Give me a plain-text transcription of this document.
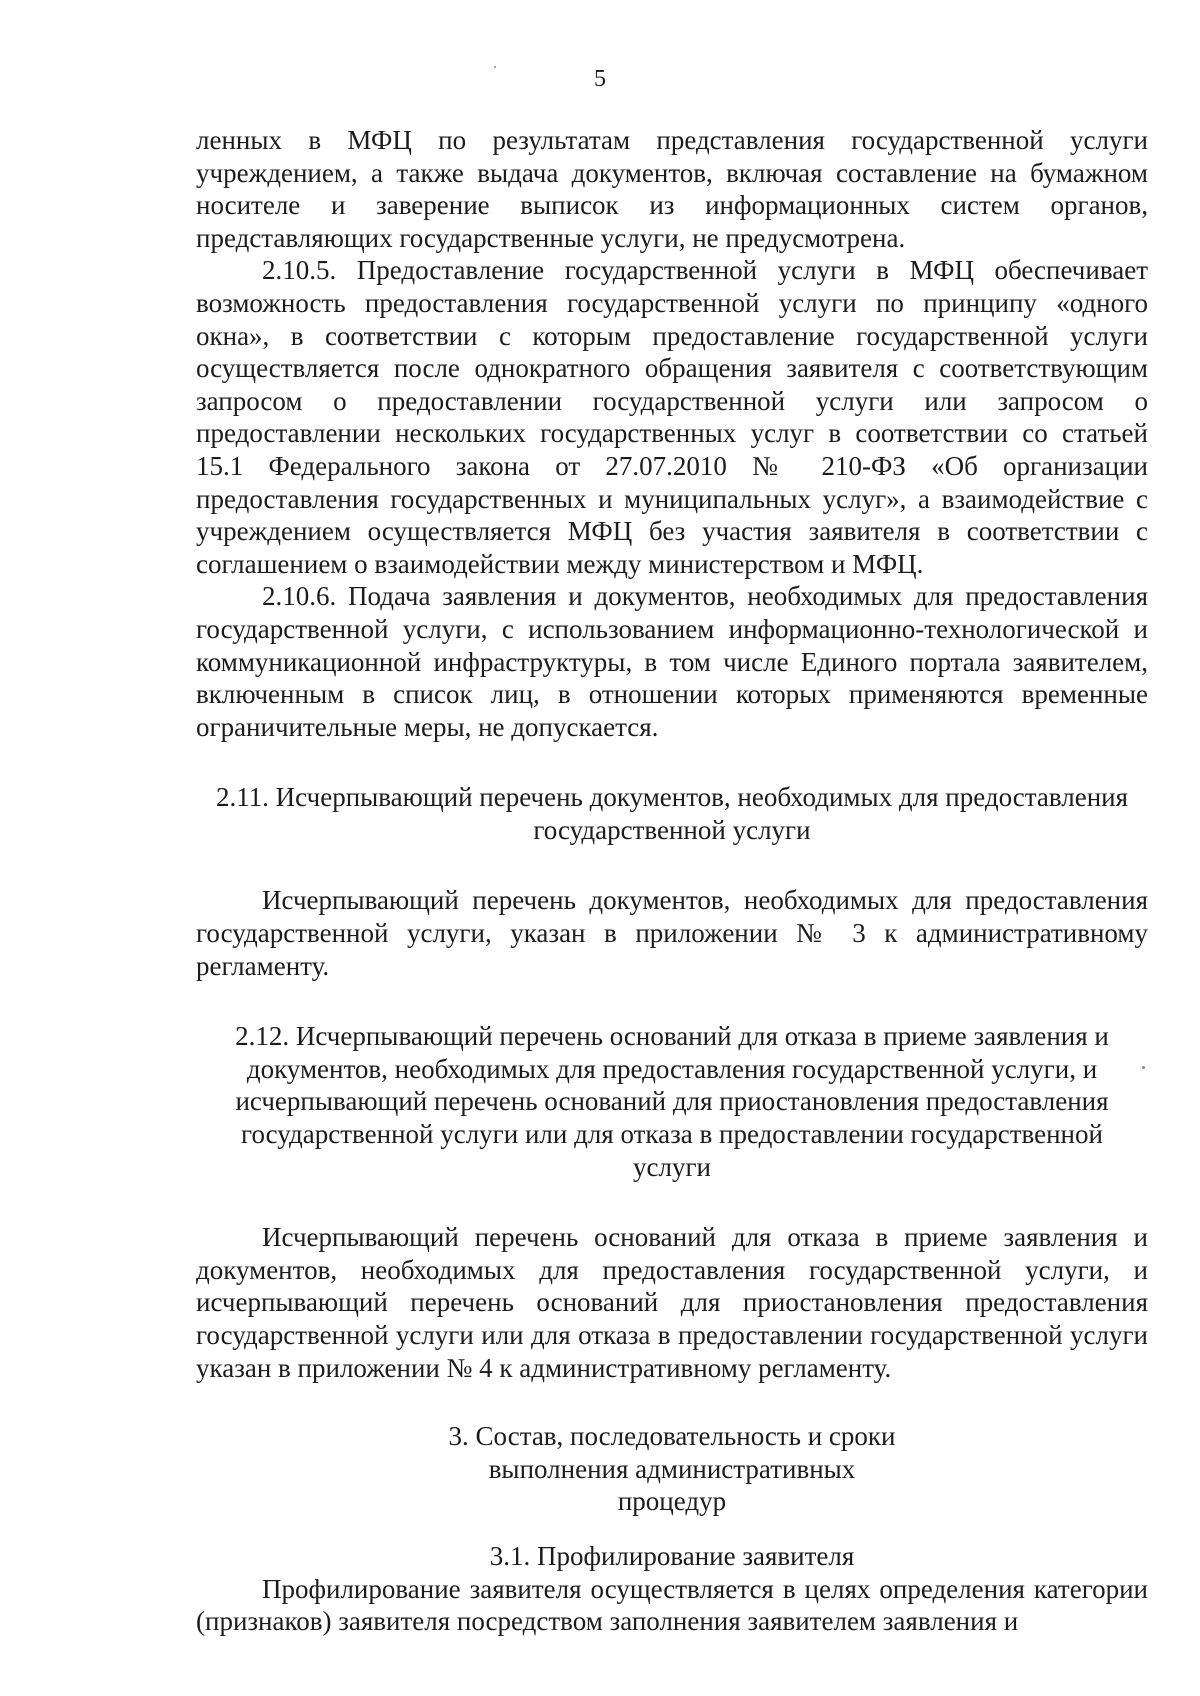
5

ленных в МФЦ по результатам представления государственной услуги учреждением, а также выдача документов, включая составление на бумажном носителе и заверение выписок из информационных систем органов, представляющих государственные услуги, не предусмотрена.

2.10.5. Предоставление государственной услуги в МФЦ обеспечивает возможность предоставления государственной услуги по принципу «одного окна», в соответствии с которым предоставление государственной услуги осуществляется после однократного обращения заявителя с соответствующим запросом о предоставлении государственной услуги или запросом о предоставлении нескольких государственных услуг в соответствии со статьей 15.1 Федерального закона от 27.07.2010 № 210-ФЗ «Об организации предоставления государственных и муниципальных услуг», а взаимодействие с учреждением осуществляется МФЦ без участия заявителя в соответствии с соглашением о взаимодействии между министерством и МФЦ.

2.10.6. Подача заявления и документов, необходимых для предоставления государственной услуги, с использованием информационно-технологической и коммуникационной инфраструктуры, в том числе Единого портала заявителем, включенным в список лиц, в отношении которых применяются временные ограничительные меры, не допускается.

2.11. Исчерпывающий перечень документов, необходимых для предоставления государственной услуги

Исчерпывающий перечень документов, необходимых для предоставления государственной услуги, указан в приложении № 3 к административному регламенту.

2.12. Исчерпывающий перечень оснований для отказа в приеме заявления и документов, необходимых для предоставления государственной услуги, и исчерпывающий перечень оснований для приостановления предоставления государственной услуги или для отказа в предоставлении государственной услуги

Исчерпывающий перечень оснований для отказа в приеме заявления и документов, необходимых для предоставления государственной услуги, и исчерпывающий перечень оснований для приостановления предоставления государственной услуги или для отказа в предоставлении государственной услуги указан в приложении № 4 к административному регламенту.

3. Состав, последовательность и сроки выполнения административных процедур
3.1. Профилирование заявителя

Профилирование заявителя осуществляется в целях определения категории (признаков) заявителя посредством заполнения заявителем заявления и
